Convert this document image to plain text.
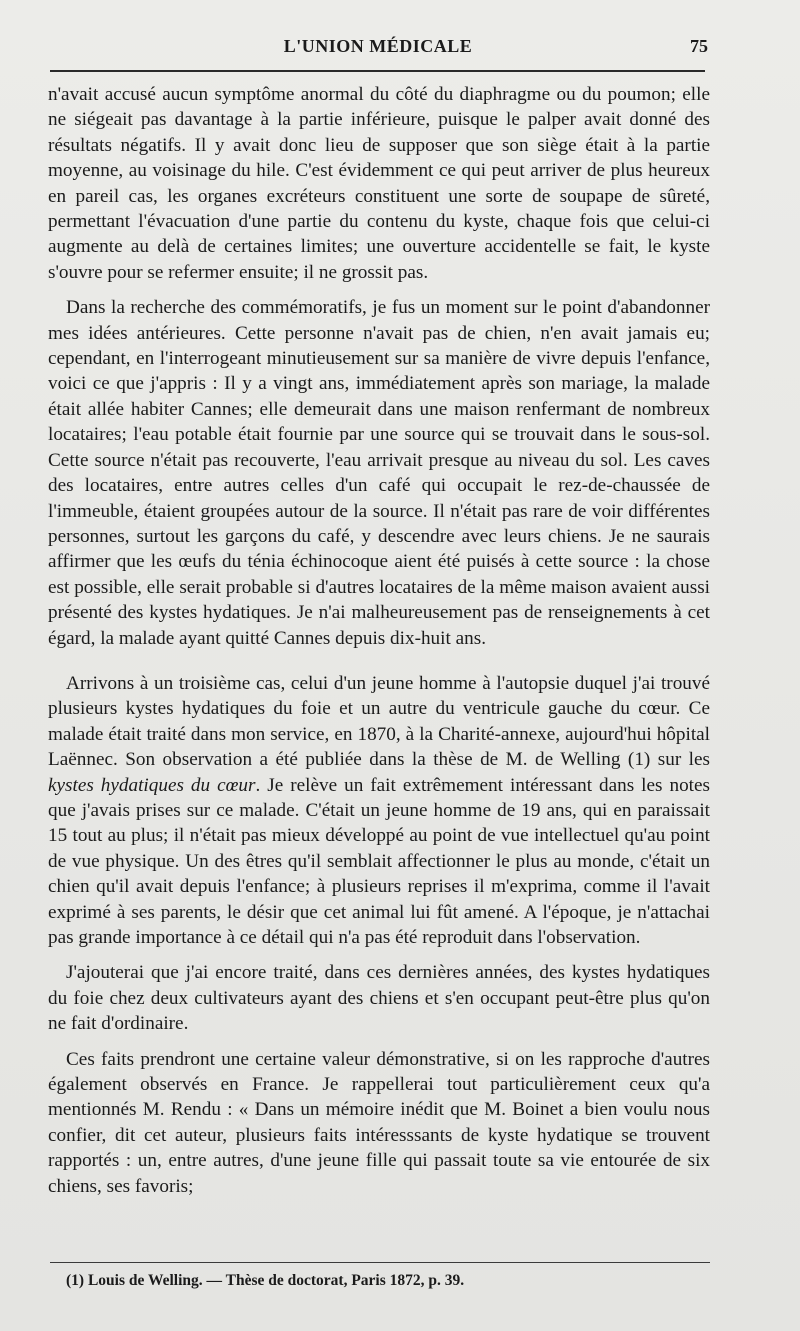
L'UNION MÉDICALE	75

n'avait accusé aucun symptôme anormal du côté du diaphragme ou du poumon; elle ne siégeait pas davantage à la partie inférieure, puisque le palper avait donné des résultats négatifs. Il y avait donc lieu de supposer que son siège était à la partie moyenne, au voisinage du hile. C'est évidemment ce qui peut arriver de plus heureux en pareil cas, les organes excréteurs constituent une sorte de soupape de sûreté, permettant l'évacuation d'une partie du contenu du kyste, chaque fois que celui-ci augmente au delà de certaines limites; une ouverture accidentelle se fait, le kyste s'ouvre pour se refermer ensuite; il ne grossit pas.

Dans la recherche des commémoratifs, je fus un moment sur le point d'abandonner mes idées antérieures. Cette personne n'avait pas de chien, n'en avait jamais eu; cependant, en l'interrogeant minutieusement sur sa manière de vivre depuis l'enfance, voici ce que j'appris : Il y a vingt ans, immédiatement après son mariage, la malade était allée habiter Cannes; elle demeurait dans une maison renfermant de nombreux locataires; l'eau potable était fournie par une source qui se trouvait dans le sous-sol. Cette source n'était pas recouverte, l'eau arrivait presque au niveau du sol. Les caves des locataires, entre autres celles d'un café qui occupait le rez-de-chaussée de l'immeuble, étaient groupées autour de la source. Il n'était pas rare de voir différentes personnes, surtout les garçons du café, y descendre avec leurs chiens. Je ne saurais affirmer que les œufs du ténia échinocoque aient été puisés à cette source : la chose est possible, elle serait probable si d'autres locataires de la même maison avaient aussi présenté des kystes hydatiques. Je n'ai malheureusement pas de renseignements à cet égard, la malade ayant quitté Cannes depuis dix-huit ans.

Arrivons à un troisième cas, celui d'un jeune homme à l'autopsie duquel j'ai trouvé plusieurs kystes hydatiques du foie et un autre du ventricule gauche du cœur. Ce malade était traité dans mon service, en 1870, à la Charité-annexe, aujourd'hui hôpital Laënnec. Son observation a été publiée dans la thèse de M. de Welling (1) sur les kystes hydatiques du cœur. Je relève un fait extrêmement intéressant dans les notes que j'avais prises sur ce malade. C'était un jeune homme de 19 ans, qui en paraissait 15 tout au plus; il n'était pas mieux développé au point de vue intellectuel qu'au point de vue physique. Un des êtres qu'il semblait affectionner le plus au monde, c'était un chien qu'il avait depuis l'enfance; à plusieurs reprises il m'exprima, comme il l'avait exprimé à ses parents, le désir que cet animal lui fût amené. A l'époque, je n'attachai pas grande importance à ce détail qui n'a pas été reproduit dans l'observation.

J'ajouterai que j'ai encore traité, dans ces dernières années, des kystes hydatiques du foie chez deux cultivateurs ayant des chiens et s'en occupant peut-être plus qu'on ne fait d'ordinaire.

Ces faits prendront une certaine valeur démonstrative, si on les rapproche d'autres également observés en France. Je rappellerai tout particulièrement ceux qu'a mentionnés M. Rendu : « Dans un mémoire inédit que M. Boinet a bien voulu nous confier, dit cet auteur, plusieurs faits intéresssants de kyste hydatique se trouvent rapportés : un, entre autres, d'une jeune fille qui passait toute sa vie entourée de six chiens, ses favoris;

(1) Louis de Welling. — Thèse de doctorat, Paris 1872, p. 39.
